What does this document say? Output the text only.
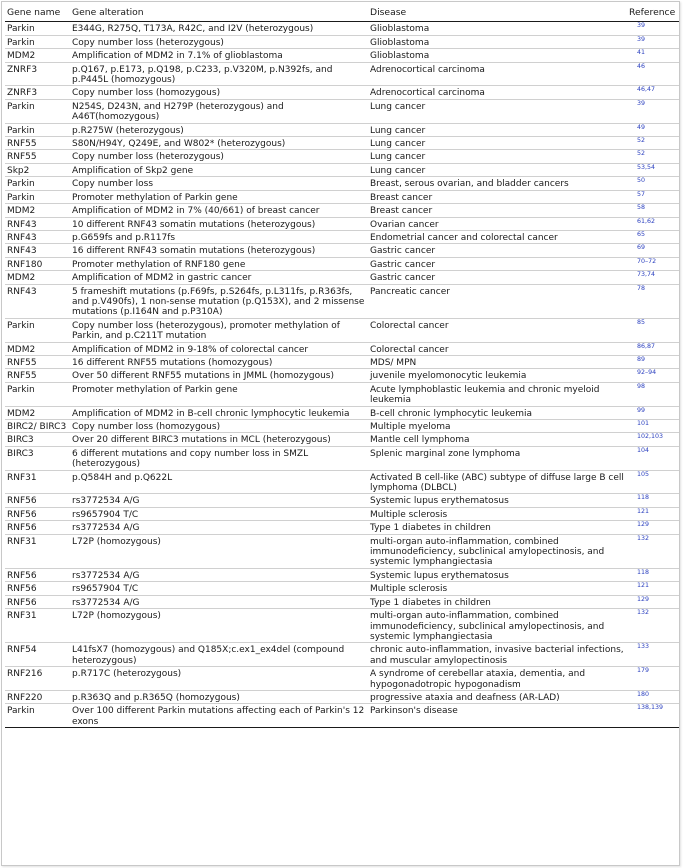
Gene name	Gene alteration	Disease	Reference
Parkin	E344G, R275Q, T173A, R42C, and I2V (heterozygous)	Glioblastoma	39
Parkin	Copy number loss (heterozygous)	Glioblastoma	39
MDM2	Amplification of MDM2 in 7.1% of glioblastoma	Glioblastoma	41
ZNRF3	p.Q167, p.E173, p.Q198, p.C233, p.V320M, p.N392fs, and p.P445L (homozygous)	Adrenocortical carcinoma	46
ZNRF3	Copy number loss (homozygous)	Adrenocortical carcinoma	46,47
Parkin	N254S, D243N, and H279P (heterozygous) and A46T(homozygous)	Lung cancer	39
Parkin	p.R275W (heterozygous)	Lung cancer	49
RNF55	S80N/H94Y, Q249E, and W802* (heterozygous)	Lung cancer	52
RNF55	Copy number loss (heterozygous)	Lung cancer	52
Skp2	Amplification of Skp2 gene	Lung cancer	53,54
Parkin	Copy number loss	Breast, serous ovarian, and bladder cancers	50
Parkin	Promoter methylation of Parkin gene	Breast cancer	57
MDM2	Amplification of MDM2 in 7% (40/661) of breast cancer	Breast cancer	58
RNF43	10 different RNF43 somatin mutations (heterozygous)	Ovarian cancer	61,62
RNF43	p.G659fs and p.R117fs	Endometrial cancer and colorectal cancer	65
RNF43	16 different RNF43 somatin mutations (heterozygous)	Gastric cancer	69
RNF180	Promoter methylation of RNF180 gene	Gastric cancer	70–72
MDM2	Amplification of MDM2 in gastric cancer	Gastric cancer	73,74
RNF43	5 frameshift mutations (p.F69fs, p.S264fs, p.L311fs, p.R363fs, and p.V490fs), 1 non-sense mutation (p.Q153X), and 2 missense mutations (p.I164N and p.P310A)	Pancreatic cancer	78
Parkin	Copy number loss (heterozygous), promoter methylation of Parkin, and p.C211T mutation	Colorectal cancer	85
MDM2	Amplification of MDM2 in 9-18% of colorectal cancer	Colorectal cancer	86,87
RNF55	16 different RNF55 mutations (homozygous)	MDS/ MPN	89
RNF55	Over 50 different RNF55 mutations in JMML (homozygous)	juvenile myelomonocytic leukemia	92–94
Parkin	Promoter methylation of Parkin gene	Acute lymphoblastic leukemia and chronic myeloid leukemia	98
MDM2	Amplification of MDM2 in B-cell chronic lymphocytic leukemia	B-cell chronic lymphocytic leukemia	99
BIRC2/ BIRC3	Copy number loss (homozygous)	Multiple myeloma	101
BIRC3	Over 20 different BIRC3 mutations in MCL (heterozygous)	Mantle cell lymphoma	102,103
BIRC3	6 different mutations and copy number loss in SMZL (heterozygous)	Splenic marginal zone lymphoma	104
RNF31	p.Q584H and p.Q622L	Activated B cell-like (ABC) subtype of diffuse large B cell lymphoma (DLBCL)	105
RNF56	rs3772534 A/G	Systemic lupus erythematosus	118
RNF56	rs9657904 T/C	Multiple sclerosis	121
RNF56	rs3772534 A/G	Type 1 diabetes in children	129
RNF31	L72P (homozygous)	multi-organ auto-inflammation, combined immunodeficiency, subclinical amylopectinosis, and systemic lymphangiectasia	132
RNF56	rs3772534 A/G	Systemic lupus erythematosus	118
RNF56	rs9657904 T/C	Multiple sclerosis	121
RNF56	rs3772534 A/G	Type 1 diabetes in children	129
RNF31	L72P (homozygous)	multi-organ auto-inflammation, combined immunodeficiency, subclinical amylopectinosis, and systemic lymphangiectasia	132
RNF54	L41fsX7 (homozygous) and Q185X;c.ex1_ex4del (compound heterozygous)	chronic auto-inflammation, invasive bacterial infections, and muscular amylopectinosis	133
RNF216	p.R717C (heterozygous)	A syndrome of cerebellar ataxia, dementia, and hypogonadotropic hypogonadism	179
RNF220	p.R363Q and p.R365Q (homozygous)	progressive ataxia and deafness (AR-LAD)	180
Parkin	Over 100 different Parkin mutations affecting each of Parkin's 12 exons	Parkinson's disease	138,139
